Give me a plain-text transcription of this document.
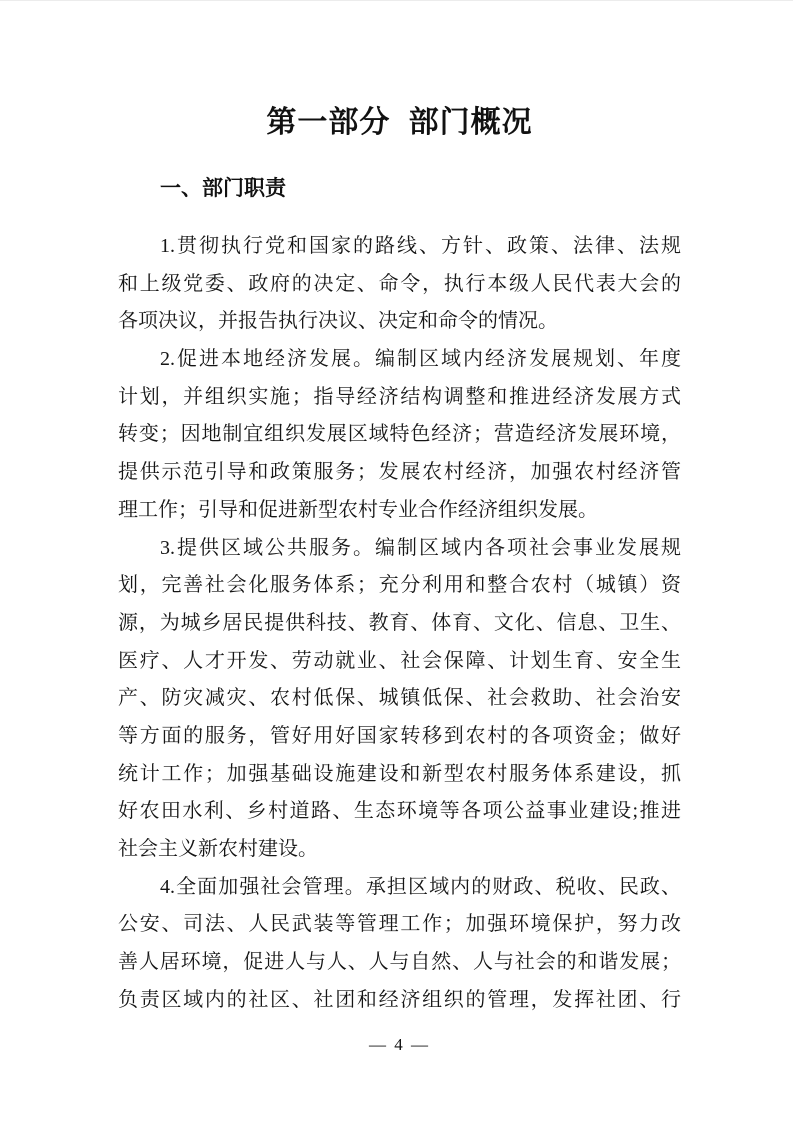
第一部分 部门概况
一、部门职责
1.贯彻执行党和国家的路线、方针、政策、法律、法规
和上级党委、政府的决定、命令，执行本级人民代表大会的
各项决议，并报告执行决议、决定和命令的情况。
2.促进本地经济发展。编制区域内经济发展规划、年度
计划，并组织实施；指导经济结构调整和推进经济发展方式
转变；因地制宜组织发展区域特色经济；营造经济发展环境，
提供示范引导和政策服务；发展农村经济，加强农村经济管
理工作；引导和促进新型农村专业合作经济组织发展。
3.提供区域公共服务。编制区域内各项社会事业发展规
划，完善社会化服务体系；充分利用和整合农村（城镇）资
源，为城乡居民提供科技、教育、体育、文化、信息、卫生、
医疗、人才开发、劳动就业、社会保障、计划生育、安全生
产、防灾减灾、农村低保、城镇低保、社会救助、社会治安
等方面的服务，管好用好国家转移到农村的各项资金；做好
统计工作；加强基础设施建设和新型农村服务体系建设，抓
好农田水利、乡村道路、生态环境等各项公益事业建设;推进
社会主义新农村建设。
4.全面加强社会管理。承担区域内的财政、税收、民政、
公安、司法、人民武装等管理工作；加强环境保护，努力改
善人居环境，促进人与人、人与自然、人与社会的和谐发展；
负责区域内的社区、社团和经济组织的管理，发挥社团、行
— 4 —
